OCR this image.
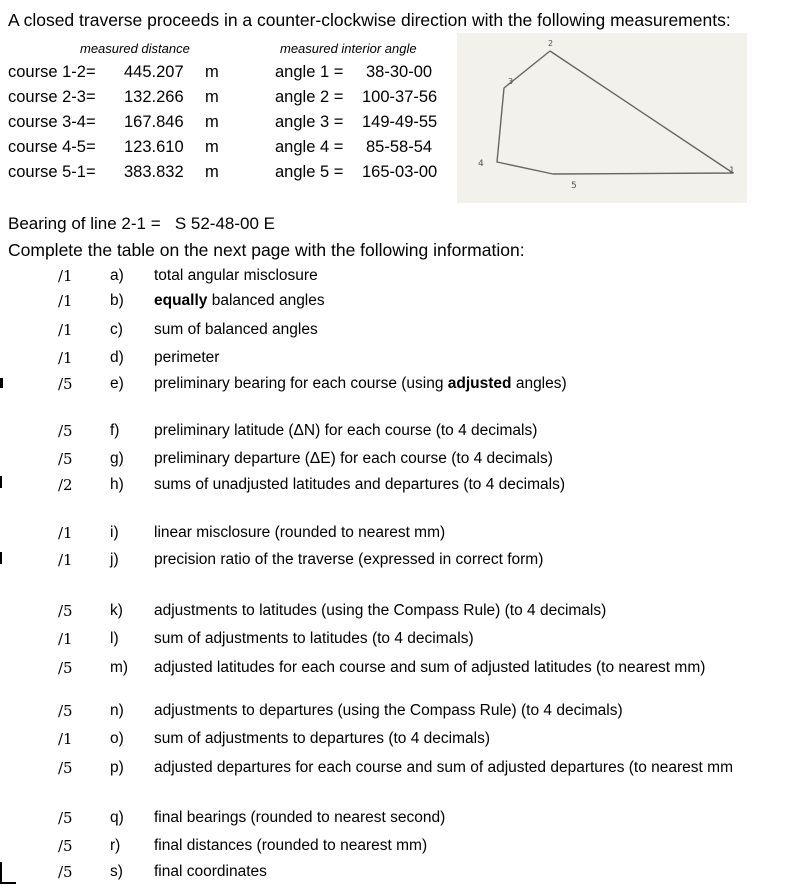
A closed traverse proceeds in a counter-clockwise direction with the following measurements:
measured distance	measured interior angle
course 1-2= 445.207 m
course 2-3= 132.266 m
course 3-4= 167.846 m
course 4-5= 123.610 m
course 5-1= 383.832 m
angle 1 = 38-30-00
angle 2 = 100-37-56
angle 3 = 149-49-55
angle 4 = 85-58-54
angle 5 = 165-03-00
2
3
4
5
1
Bearing of line 2-1 = S 52-48-00 E
Complete the table on the next page with the following information:
/1 a) total angular misclosure
/1 b) equally balanced angles
/1 c) sum of balanced angles
/1 d) perimeter
/5 e) preliminary bearing for each course (using adjusted angles)
/5 f) preliminary latitude (ΔN) for each course (to 4 decimals)
/5 g) preliminary departure (ΔE) for each course (to 4 decimals)
/2 h) sums of unadjusted latitudes and departures (to 4 decimals)
/1 i) linear misclosure (rounded to nearest mm)
/1 j) precision ratio of the traverse (expressed in correct form)
/5 k) adjustments to latitudes (using the Compass Rule) (to 4 decimals)
/1 l) sum of adjustments to latitudes (to 4 decimals)
/5 m) adjusted latitudes for each course and sum of adjusted latitudes (to nearest mm)
/5 n) adjustments to departures (using the Compass Rule) (to 4 decimals)
/1 o) sum of adjustments to departures (to 4 decimals)
/5 p) adjusted departures for each course and sum of adjusted departures (to nearest mm
/5 q) final bearings (rounded to nearest second)
/5 r) final distances (rounded to nearest mm)
/5 s) final coordinates
